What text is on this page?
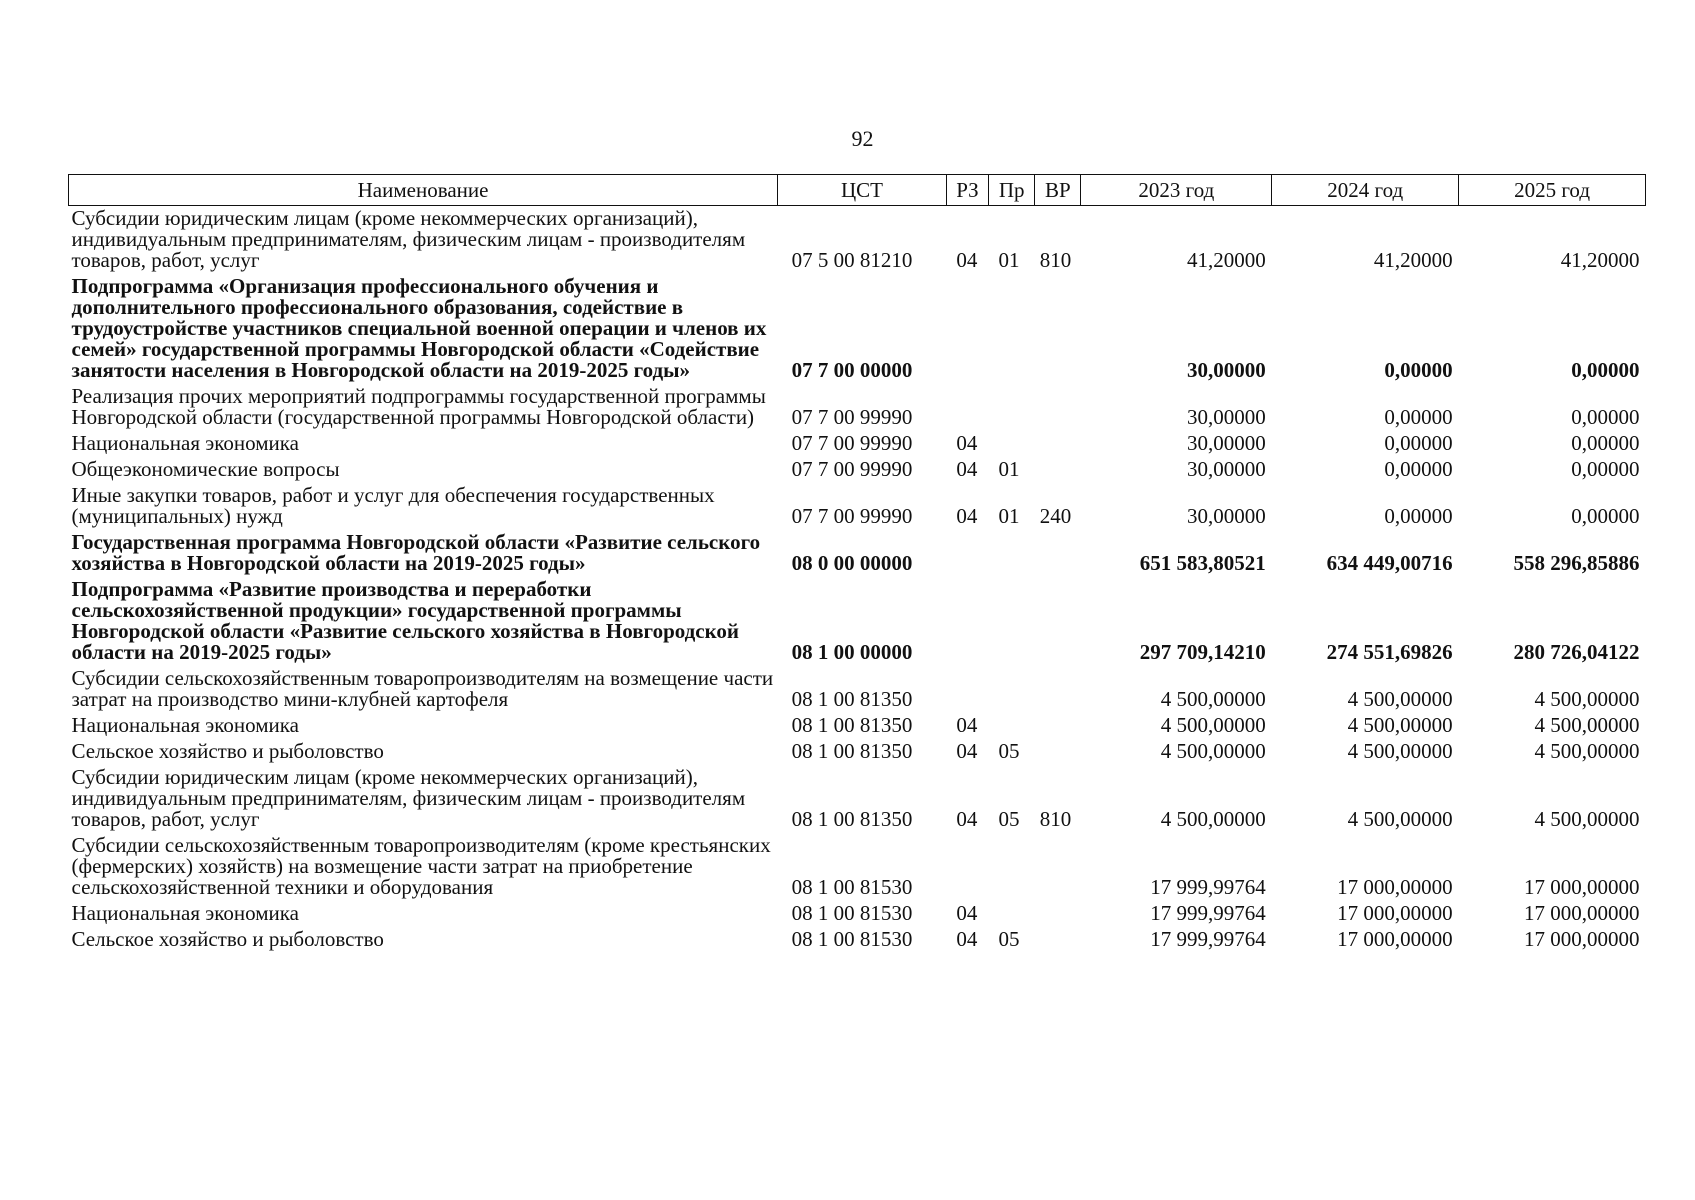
92
Наименование	ЦСТ	РЗ	Пр	ВР	2023 год	2024 год	2025 год
Субсидии юридическим лицам (кроме некоммерческих организаций), индивидуальным предпринимателям, физическим лицам - производителям товаров, работ, услуг	07 5 00 81210	04	01	810	41,20000	41,20000	41,20000
Подпрограмма «Организация профессионального обучения и дополнительного профессионального образования, содействие в трудоустройстве участников специальной военной операции и членов их семей» государственной программы Новгородской области «Содействие занятости населения в Новгородской области на 2019-2025 годы»	07 7 00 00000				30,00000	0,00000	0,00000
Реализация прочих мероприятий подпрограммы государственной программы Новгородской области (государственной программы Новгородской области)	07 7 00 99990				30,00000	0,00000	0,00000
Национальная экономика	07 7 00 99990	04			30,00000	0,00000	0,00000
Общеэкономические вопросы	07 7 00 99990	04	01		30,00000	0,00000	0,00000
Иные закупки товаров, работ и услуг для обеспечения государственных (муниципальных) нужд	07 7 00 99990	04	01	240	30,00000	0,00000	0,00000
Государственная программа Новгородской области «Развитие сельского хозяйства в Новгородской области на 2019-2025 годы»	08 0 00 00000				651 583,80521	634 449,00716	558 296,85886
Подпрограмма «Развитие производства и переработки сельскохозяйственной продукции» государственной программы Новгородской области «Развитие сельского хозяйства в Новгородской области на 2019-2025 годы»	08 1 00 00000				297 709,14210	274 551,69826	280 726,04122
Субсидии сельскохозяйственным товаропроизводителям на возмещение части затрат на производство мини-клубней картофеля	08 1 00 81350				4 500,00000	4 500,00000	4 500,00000
Национальная экономика	08 1 00 81350	04			4 500,00000	4 500,00000	4 500,00000
Сельское хозяйство и рыболовство	08 1 00 81350	04	05		4 500,00000	4 500,00000	4 500,00000
Субсидии юридическим лицам (кроме некоммерческих организаций), индивидуальным предпринимателям, физическим лицам - производителям товаров, работ, услуг	08 1 00 81350	04	05	810	4 500,00000	4 500,00000	4 500,00000
Субсидии сельскохозяйственным товаропроизводителям (кроме крестьянских (фермерских) хозяйств) на возмещение части затрат на приобретение сельскохозяйственной техники и оборудования	08 1 00 81530				17 999,99764	17 000,00000	17 000,00000
Национальная экономика	08 1 00 81530	04			17 999,99764	17 000,00000	17 000,00000
Сельское хозяйство и рыболовство	08 1 00 81530	04	05		17 999,99764	17 000,00000	17 000,00000
